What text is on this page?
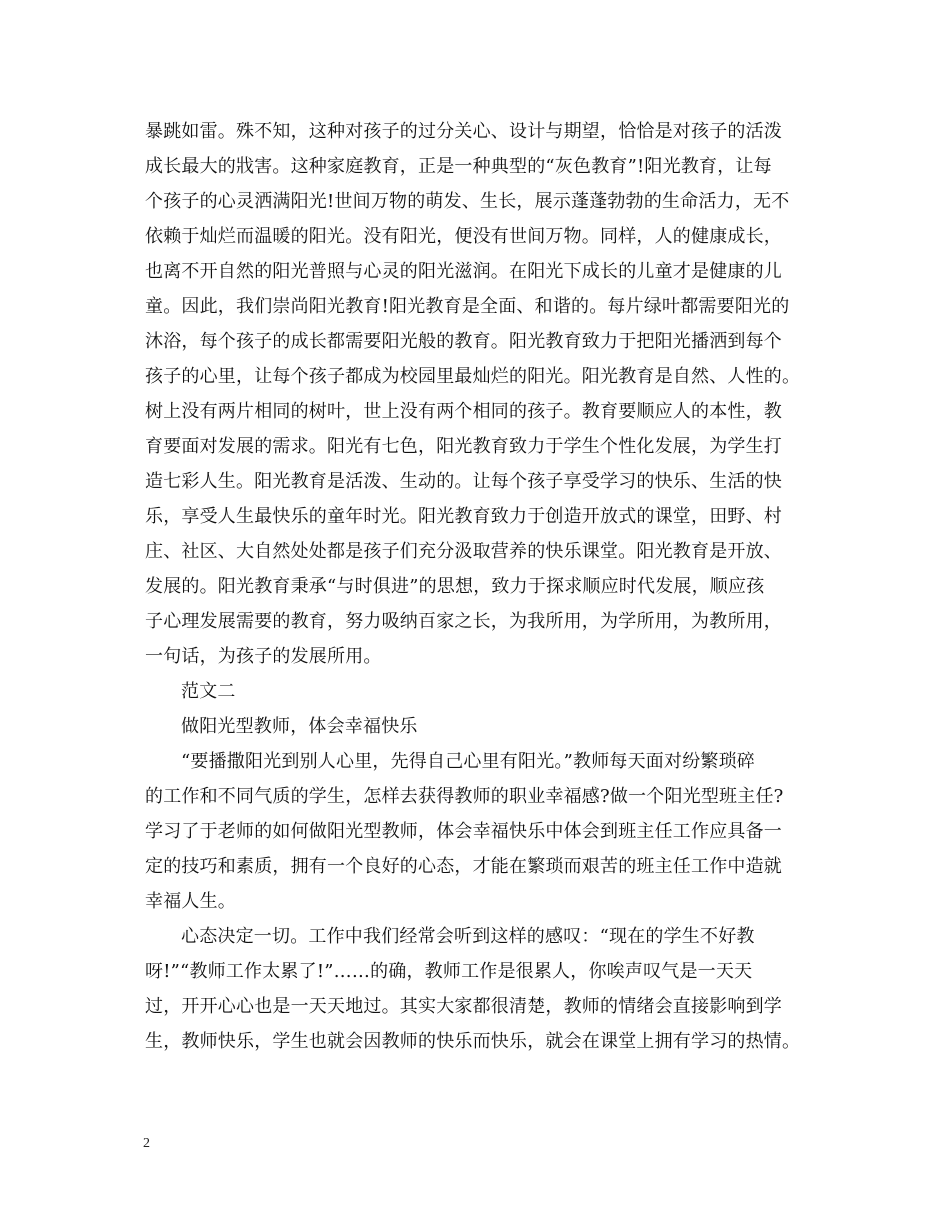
暴跳如雷。殊不知，这种对孩子的过分关心、设计与期望，恰恰是对孩子的活泼
成长最大的戕害。这种家庭教育，正是一种典型的“灰色教育”!阳光教育，让每
个孩子的心灵洒满阳光!世间万物的萌发、生长，展示蓬蓬勃勃的生命活力，无不
依赖于灿烂而温暖的阳光。没有阳光，便没有世间万物。同样，人的健康成长，
也离不开自然的阳光普照与心灵的阳光滋润。在阳光下成长的儿童才是健康的儿
童。因此，我们崇尚阳光教育!阳光教育是全面、和谐的。每片绿叶都需要阳光的
沐浴，每个孩子的成长都需要阳光般的教育。阳光教育致力于把阳光播洒到每个
孩子的心里，让每个孩子都成为校园里最灿烂的阳光。阳光教育是自然、人性的。
树上没有两片相同的树叶，世上没有两个相同的孩子。教育要顺应人的本性，教
育要面对发展的需求。阳光有七色，阳光教育致力于学生个性化发展，为学生打
造七彩人生。阳光教育是活泼、生动的。让每个孩子享受学习的快乐、生活的快
乐，享受人生最快乐的童年时光。阳光教育致力于创造开放式的课堂，田野、村
庄、社区、大自然处处都是孩子们充分汲取营养的快乐课堂。阳光教育是开放、
发展的。阳光教育秉承“与时俱进”的思想，致力于探求顺应时代发展，顺应孩
子心理发展需要的教育，努力吸纳百家之长，为我所用，为学所用，为教所用，
一句话，为孩子的发展所用。
范文二
做阳光型教师，体会幸福快乐
“要播撒阳光到别人心里，先得自己心里有阳光。”教师每天面对纷繁琐碎
的工作和不同气质的学生，怎样去获得教师的职业幸福感?做一个阳光型班主任?
学习了于老师的如何做阳光型教师，体会幸福快乐中体会到班主任工作应具备一
定的技巧和素质，拥有一个良好的心态，才能在繁琐而艰苦的班主任工作中造就
幸福人生。
心态决定一切。工作中我们经常会听到这样的感叹：“现在的学生不好教
呀!”“教师工作太累了!”……的确，教师工作是很累人，你唉声叹气是一天天
过，开开心心也是一天天地过。其实大家都很清楚，教师的情绪会直接影响到学
生，教师快乐，学生也就会因教师的快乐而快乐，就会在课堂上拥有学习的热情。
2
